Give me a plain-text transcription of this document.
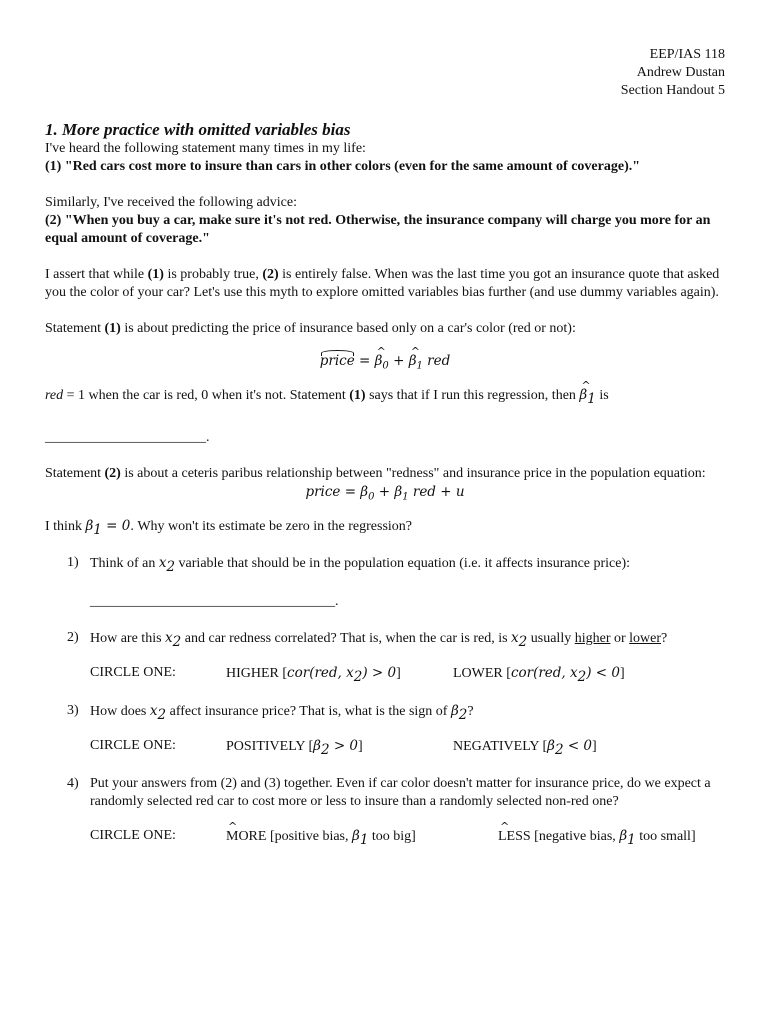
EEP/IAS 118
Andrew Dustan
Section Handout 5
1. More practice with omitted variables bias

I've heard the following statement many times in my life:

(1) "Red cars cost more to insure than cars in other colors (even for the same amount of coverage)."

Similarly, I've received the following advice:

(2) "When you buy a car, make sure it's not red. Otherwise, the insurance company will charge you more for an equal amount of coverage."

I assert that while (1) is probably true, (2) is entirely false. When was the last time you got an insurance quote that asked you the color of your car? Let's use this myth to explore omitted variables bias further (and use dummy variables again).

Statement (1) is about predicting the price of insurance based only on a car's color (red or not):

price = ^ $\beta_0$ + ^ $\beta_1$ red

red = 1 when the car is red, 0 when it's not. Statement (1) says that if I run this regression, then ^ $\beta_1$ is

_______________________.

Statement (2) is about a ceteris paribus relationship between "redness" and insurance price in the population equation:

price = $\beta_0 + \beta_1$ red + u

I think $\beta_1 = 0$. Why won't its estimate be zero in the regression?

1) Think of an $x_2$ variable that should be in the population equation (i.e. it affects insurance price):
___________________________________.
2) How are this $x_2$ and car redness correlated? That is, when the car is red, is $x_2$ usually higher or lower?
CIRCLE ONE:	HIGHER [cor(red, $x_2) > 0$]	LOWER [cor(red, $x_2) < 0$]
3) How does $x_2$ affect insurance price? That is, what is the sign of $\beta_2$?
CIRCLE ONE:	POSITIVELY $[\beta_2 > 0]$	NEGATIVELY $[\beta_2 < 0]$
4) Put your answers from (2) and (3) together. Even if car color doesn't matter for insurance price, do we expect a randomly selected red car to cost more or less to insure than a randomly selected non-red one?
CIRCLE ONE:	MORE [positive bias, ^ $\beta_1$ too big]	LESS [negative bias, ^ $\beta_1$ too small]
